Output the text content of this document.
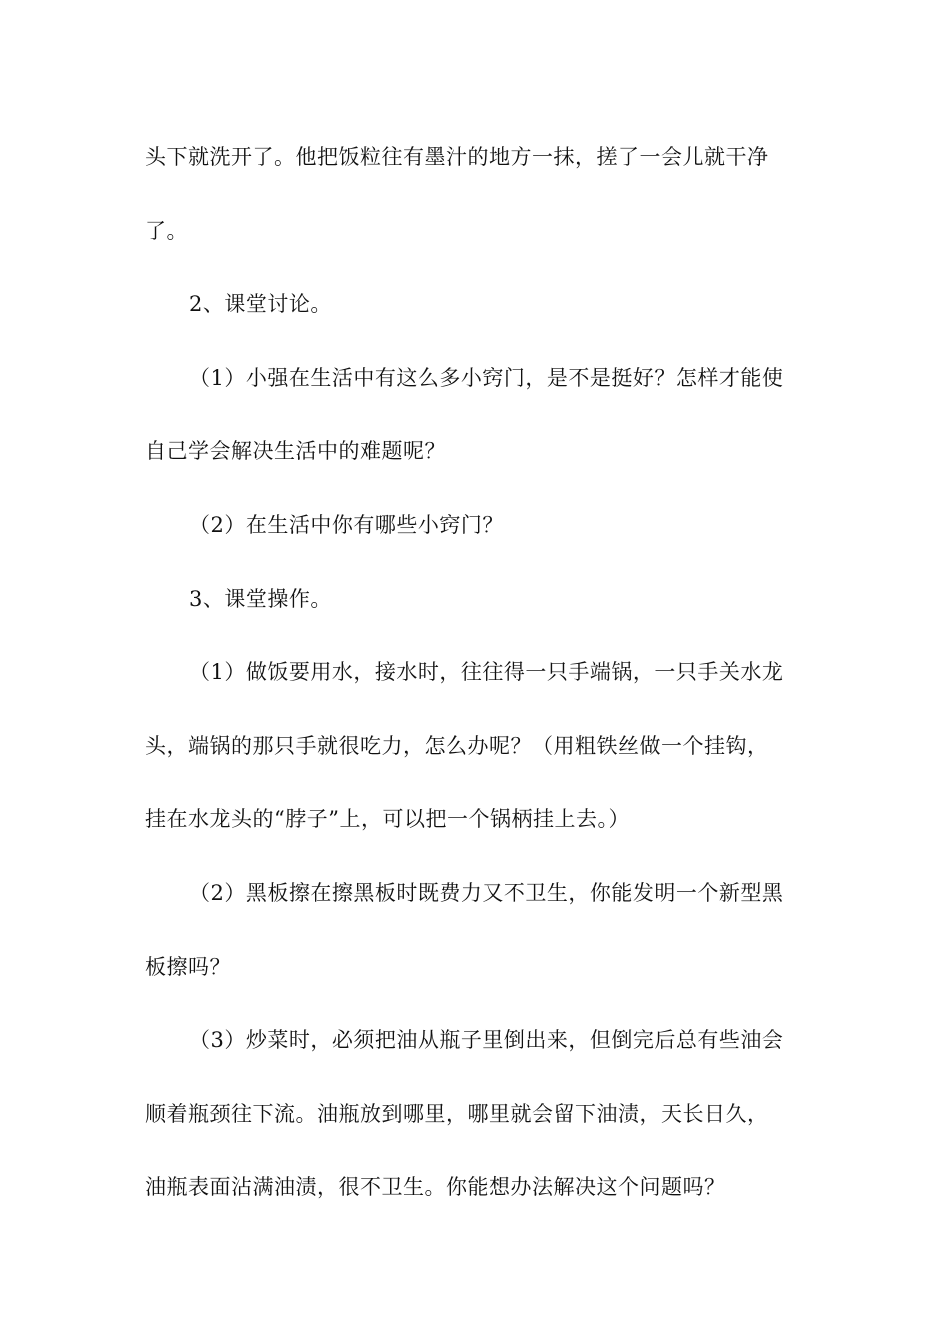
头下就洗开了。他把饭粒往有墨汁的地方一抹，搓了一会儿就干净
了。
2、课堂讨论。
（1）小强在生活中有这么多小窍门，是不是挺好？怎样才能使
自己学会解决生活中的难题呢？
（2）在生活中你有哪些小窍门？
3、课堂操作。
（1）做饭要用水，接水时，往往得一只手端锅，一只手关水龙
头，端锅的那只手就很吃力，怎么办呢？（用粗铁丝做一个挂钩，
挂在水龙头的“脖子”上，可以把一个锅柄挂上去。）
（2）黑板擦在擦黑板时既费力又不卫生，你能发明一个新型黑
板擦吗？
（3）炒菜时，必须把油从瓶子里倒出来，但倒完后总有些油会
顺着瓶颈往下流。油瓶放到哪里，哪里就会留下油渍，天长日久，
油瓶表面沾满油渍，很不卫生。你能想办法解决这个问题吗？
